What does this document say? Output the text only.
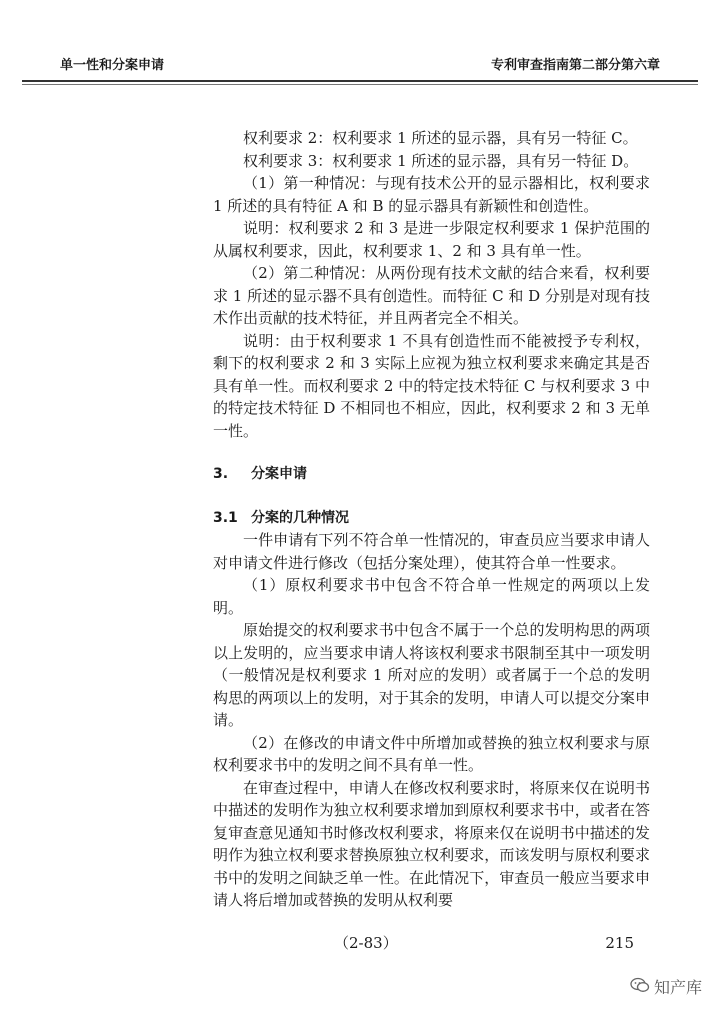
单一性和分案申请	专利审查指南第二部分第六章

权利要求 2：权利要求 1 所述的显示器，具有另一特征 C。

权利要求 3：权利要求 1 所述的显示器，具有另一特征 D。

（1）第一种情况：与现有技术公开的显示器相比，权利要求 1 所述的具有特征 A 和 B 的显示器具有新颖性和创造性。

说明：权利要求 2 和 3 是进一步限定权利要求 1 保护范围的从属权利要求，因此，权利要求 1、2 和 3 具有单一性。

（2）第二种情况：从两份现有技术文献的结合来看，权利要求 1 所述的显示器不具有创造性。而特征 C 和 D 分别是对现有技术作出贡献的技术特征，并且两者完全不相关。

说明：由于权利要求 1 不具有创造性而不能被授予专利权，剩下的权利要求 2 和 3 实际上应视为独立权利要求来确定其是否具有单一性。而权利要求 2 中的特定技术特征 C 与权利要求 3 中的特定技术特征 D 不相同也不相应，因此，权利要求 2 和 3 无单一性。

3. 分案申请

3.1 分案的几种情况

一件申请有下列不符合单一性情况的，审查员应当要求申请人对申请文件进行修改（包括分案处理），使其符合单一性要求。

（1）原权利要求书中包含不符合单一性规定的两项以上发明。

原始提交的权利要求书中包含不属于一个总的发明构思的两项以上发明的，应当要求申请人将该权利要求书限制至其中一项发明（一般情况是权利要求 1 所对应的发明）或者属于一个总的发明构思的两项以上的发明，对于其余的发明，申请人可以提交分案申请。

（2）在修改的申请文件中所增加或替换的独立权利要求与原权利要求书中的发明之间不具有单一性。

在审查过程中，申请人在修改权利要求时，将原来仅在说明书中描述的发明作为独立权利要求增加到原权利要求书中，或者在答复审查意见通知书时修改权利要求，将原来仅在说明书中描述的发明作为独立权利要求替换原独立权利要求，而该发明与原权利要求书中的发明之间缺乏单一性。在此情况下，审查员一般应当要求申请人将后增加或替换的发明从权利要

（2-83）	215
知产库
